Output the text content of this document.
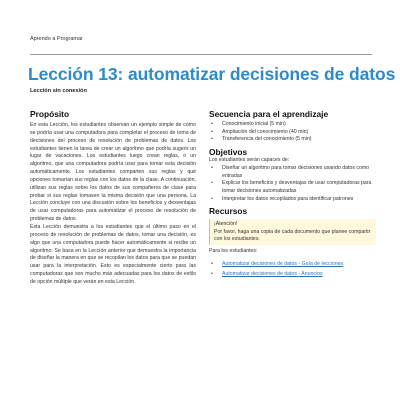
Aprendo a Programar
Lección 13: automatizar decisiones de datos
Lección sin conexión
Propósito

En esta Lección, los estudiantes observan un ejemplo simple de cómo se podría usar una computadora para completar el proceso de toma de decisiones del proceso de resolución de problemas de datos. Los estudiantes tienen la tarea de crear un algoritmo que podría sugerir un lugar de vacaciones. Los estudiantes luego crean reglas, o un algoritmo, que una computadora podría usar para tomar esta decisión automáticamente. Los estudiantes comparten sus reglas y qué opciones tomarían sus reglas con los datos de la clase. A continuación, utilizan sus reglas sobre los datos de sus compañeros de clase para probar si sus reglas tomasen la misma decisión que una persona. La Lección concluye con una discusión sobre los beneficios y desventajas de usar computadoras para automatizar el proceso de resolución de problemas de datos.

Esta Lección demuestra a los estudiantes que el último paso en el proceso de resolución de problemas de datos, tomar una decisión, es algo que una computadora puede hacer automáticamente si recibe un algoritmo. Se basa en la Lección anterior que demuestra la importancia de diseñar la manera en que se recopilan los datos para que se puedan usar para la interpretación. Esto es especialmente cierto para las computadoras que son mucho más adecuadas para los datos de estilo de opción múltiple que verán en esta Lección.

Secuencia para el aprendizaje
• Conocimiento inicial (5 min)
• Ampliación del conocimiento (40 min)
• Transferencia del conocimiento (5 min)
Objetivos

Los estudiantes serán capaces de:

• Diseñar un algoritmo para tomar decisiones usando datos como entradas
• Explicar los beneficios y desventajas de usar computadoras para tomar decisiones automatizadas
• Interpretar los datos recopilados para identificar patrones
Recursos

¡Atención!

Por favor, haga una copia de cada documento que planee compartir con los estudiantes.

Para los estudiantes:

• Automatizar decisiones de datos - Guía de lecciones
• Automatizar decisiones de datos - Anuncios
